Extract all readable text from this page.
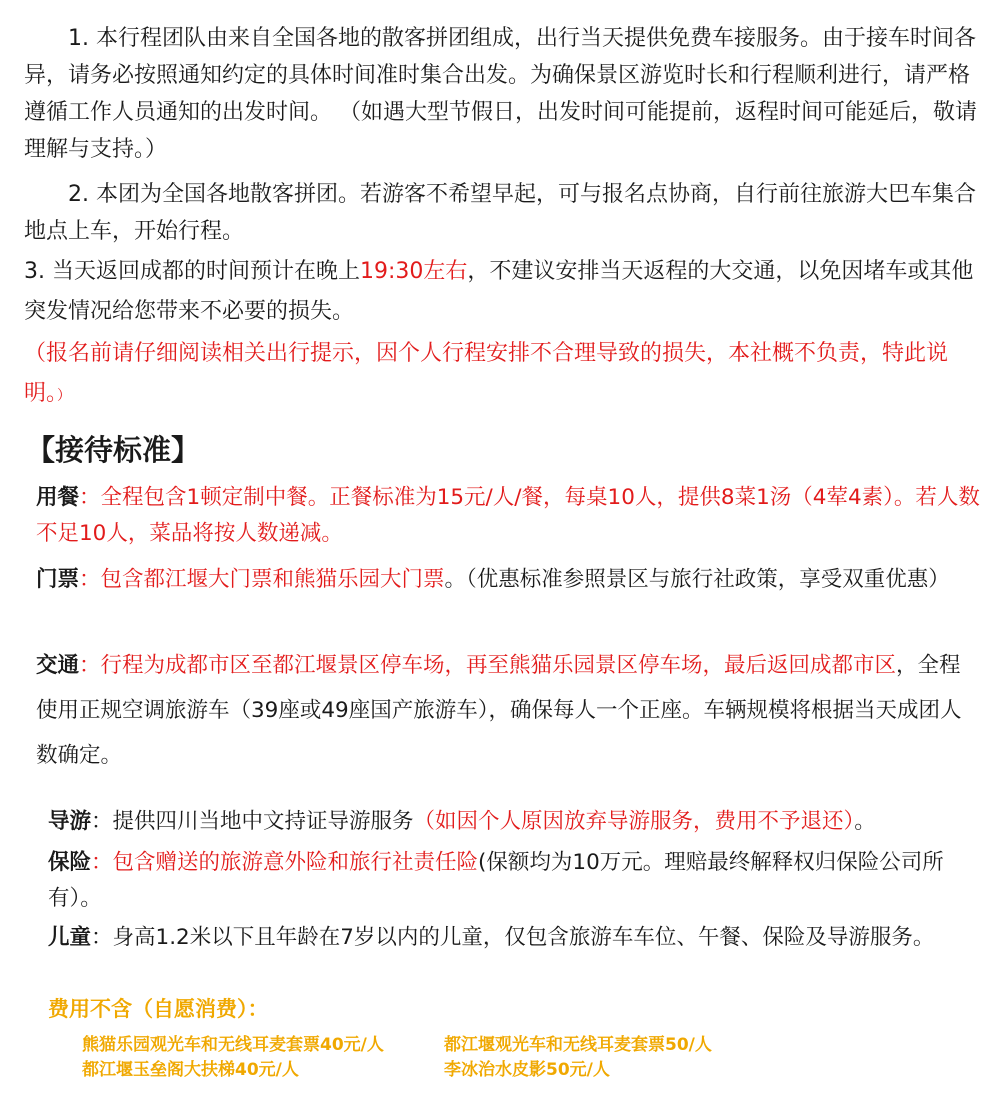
1. 本行程团队由来自全国各地的散客拼团组成，出行当天提供免费车接服务。由于接车时间各异，请务必按照通知约定的具体时间准时集合出发。为确保景区游览时长和行程顺利进行，请严格遵循工作人员通知的出发时间。 （如遇大型节假日，出发时间可能提前，返程时间可能延后，敬请理解与支持。）

2. 本团为全国各地散客拼团。若游客不希望早起，可与报名点协商，自行前往旅游大巴车集合地点上车，开始行程。

3. 当天返回成都的时间预计在晚上19:30左右，不建议安排当天返程的大交通，以免因堵车或其他突发情况给您带来不必要的损失。

（报名前请仔细阅读相关出行提示，因个人行程安排不合理导致的损失，本社概不负责，特此说明。）

【接待标准】

用餐：全程包含1顿定制中餐。正餐标准为15元/人/餐，每桌10人，提供8菜1汤（4荤4素）。若人数不足10人，菜品将按人数递减。

门票：包含都江堰大门票和熊猫乐园大门票。（优惠标准参照景区与旅行社政策，享受双重优惠）

交通：行程为成都市区至都江堰景区停车场，再至熊猫乐园景区停车场，最后返回成都市区，全程使用正规空调旅游车（39座或49座国产旅游车），确保每人一个正座。车辆规模将根据当天成团人数确定。

导游：提供四川当地中文持证导游服务（如因个人原因放弃导游服务，费用不予退还）。

保险：包含赠送的旅游意外险和旅行社责任险(保额均为10万元。理赔最终解释权归保险公司所有）。

儿童：身高1.2米以下且年龄在7岁以内的儿童，仅包含旅游车车位、午餐、保险及导游服务。

费用不含（自愿消费）：

熊猫乐园观光车和无线耳麦套票40元/人	都江堰观光车和无线耳麦套票50/人

都江堰玉垒阁大扶梯40元/人	李冰治水皮影50元/人
